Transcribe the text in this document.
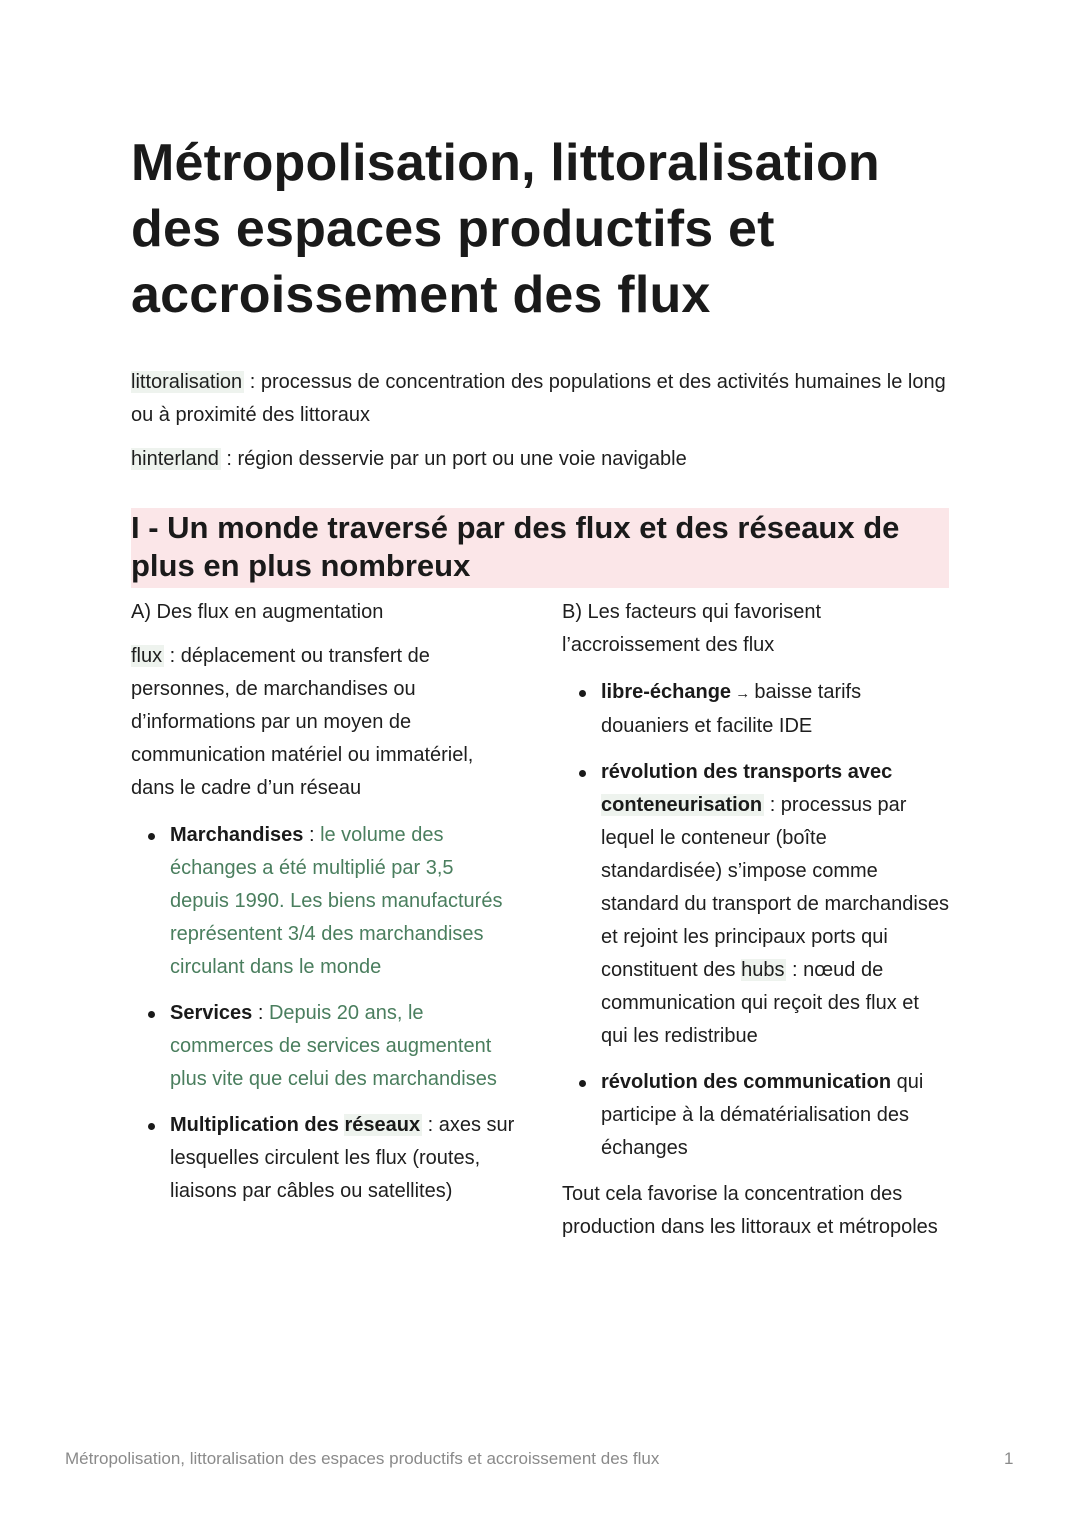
Métropolisation, littoralisation des espaces productifs et accroissement des flux

littoralisation : processus de concentration des populations et des activités humaines le long ou à proximité des littoraux

hinterland : région desservie par un port ou une voie navigable

I - Un monde traversé par des flux et des réseaux de plus en plus nombreux

A) Des flux en augmentation

flux : déplacement ou transfert de personnes, de marchandises ou d’informations par un moyen de communication matériel ou immatériel, dans le cadre d’un réseau

Marchandises : le volume des échanges a été multiplié par 3,5 depuis 1990. Les biens manufacturés représentent 3/4 des marchandises circulant dans le monde
Services : Depuis 20 ans, le commerces de services augmentent plus vite que celui des marchandises
Multiplication des réseaux : axes sur lesquelles circulent les flux (routes, liaisons par câbles ou satellites)

B) Les facteurs qui favorisent l’accroissement des flux

libre-échange → baisse tarifs douaniers et facilite IDE
révolution des transports avec conteneurisation : processus par lequel le conteneur (boîte standardisée) s’impose comme standard du transport de marchandises et rejoint les principaux ports qui constituent des hubs : nœud de communication qui reçoit des flux et qui les redistribue
révolution des communication qui participe à la dématérialisation des échanges

Tout cela favorise la concentration des production dans les littoraux et métropoles

Métropolisation, littoralisation des espaces productifs et accroissement des flux	1
